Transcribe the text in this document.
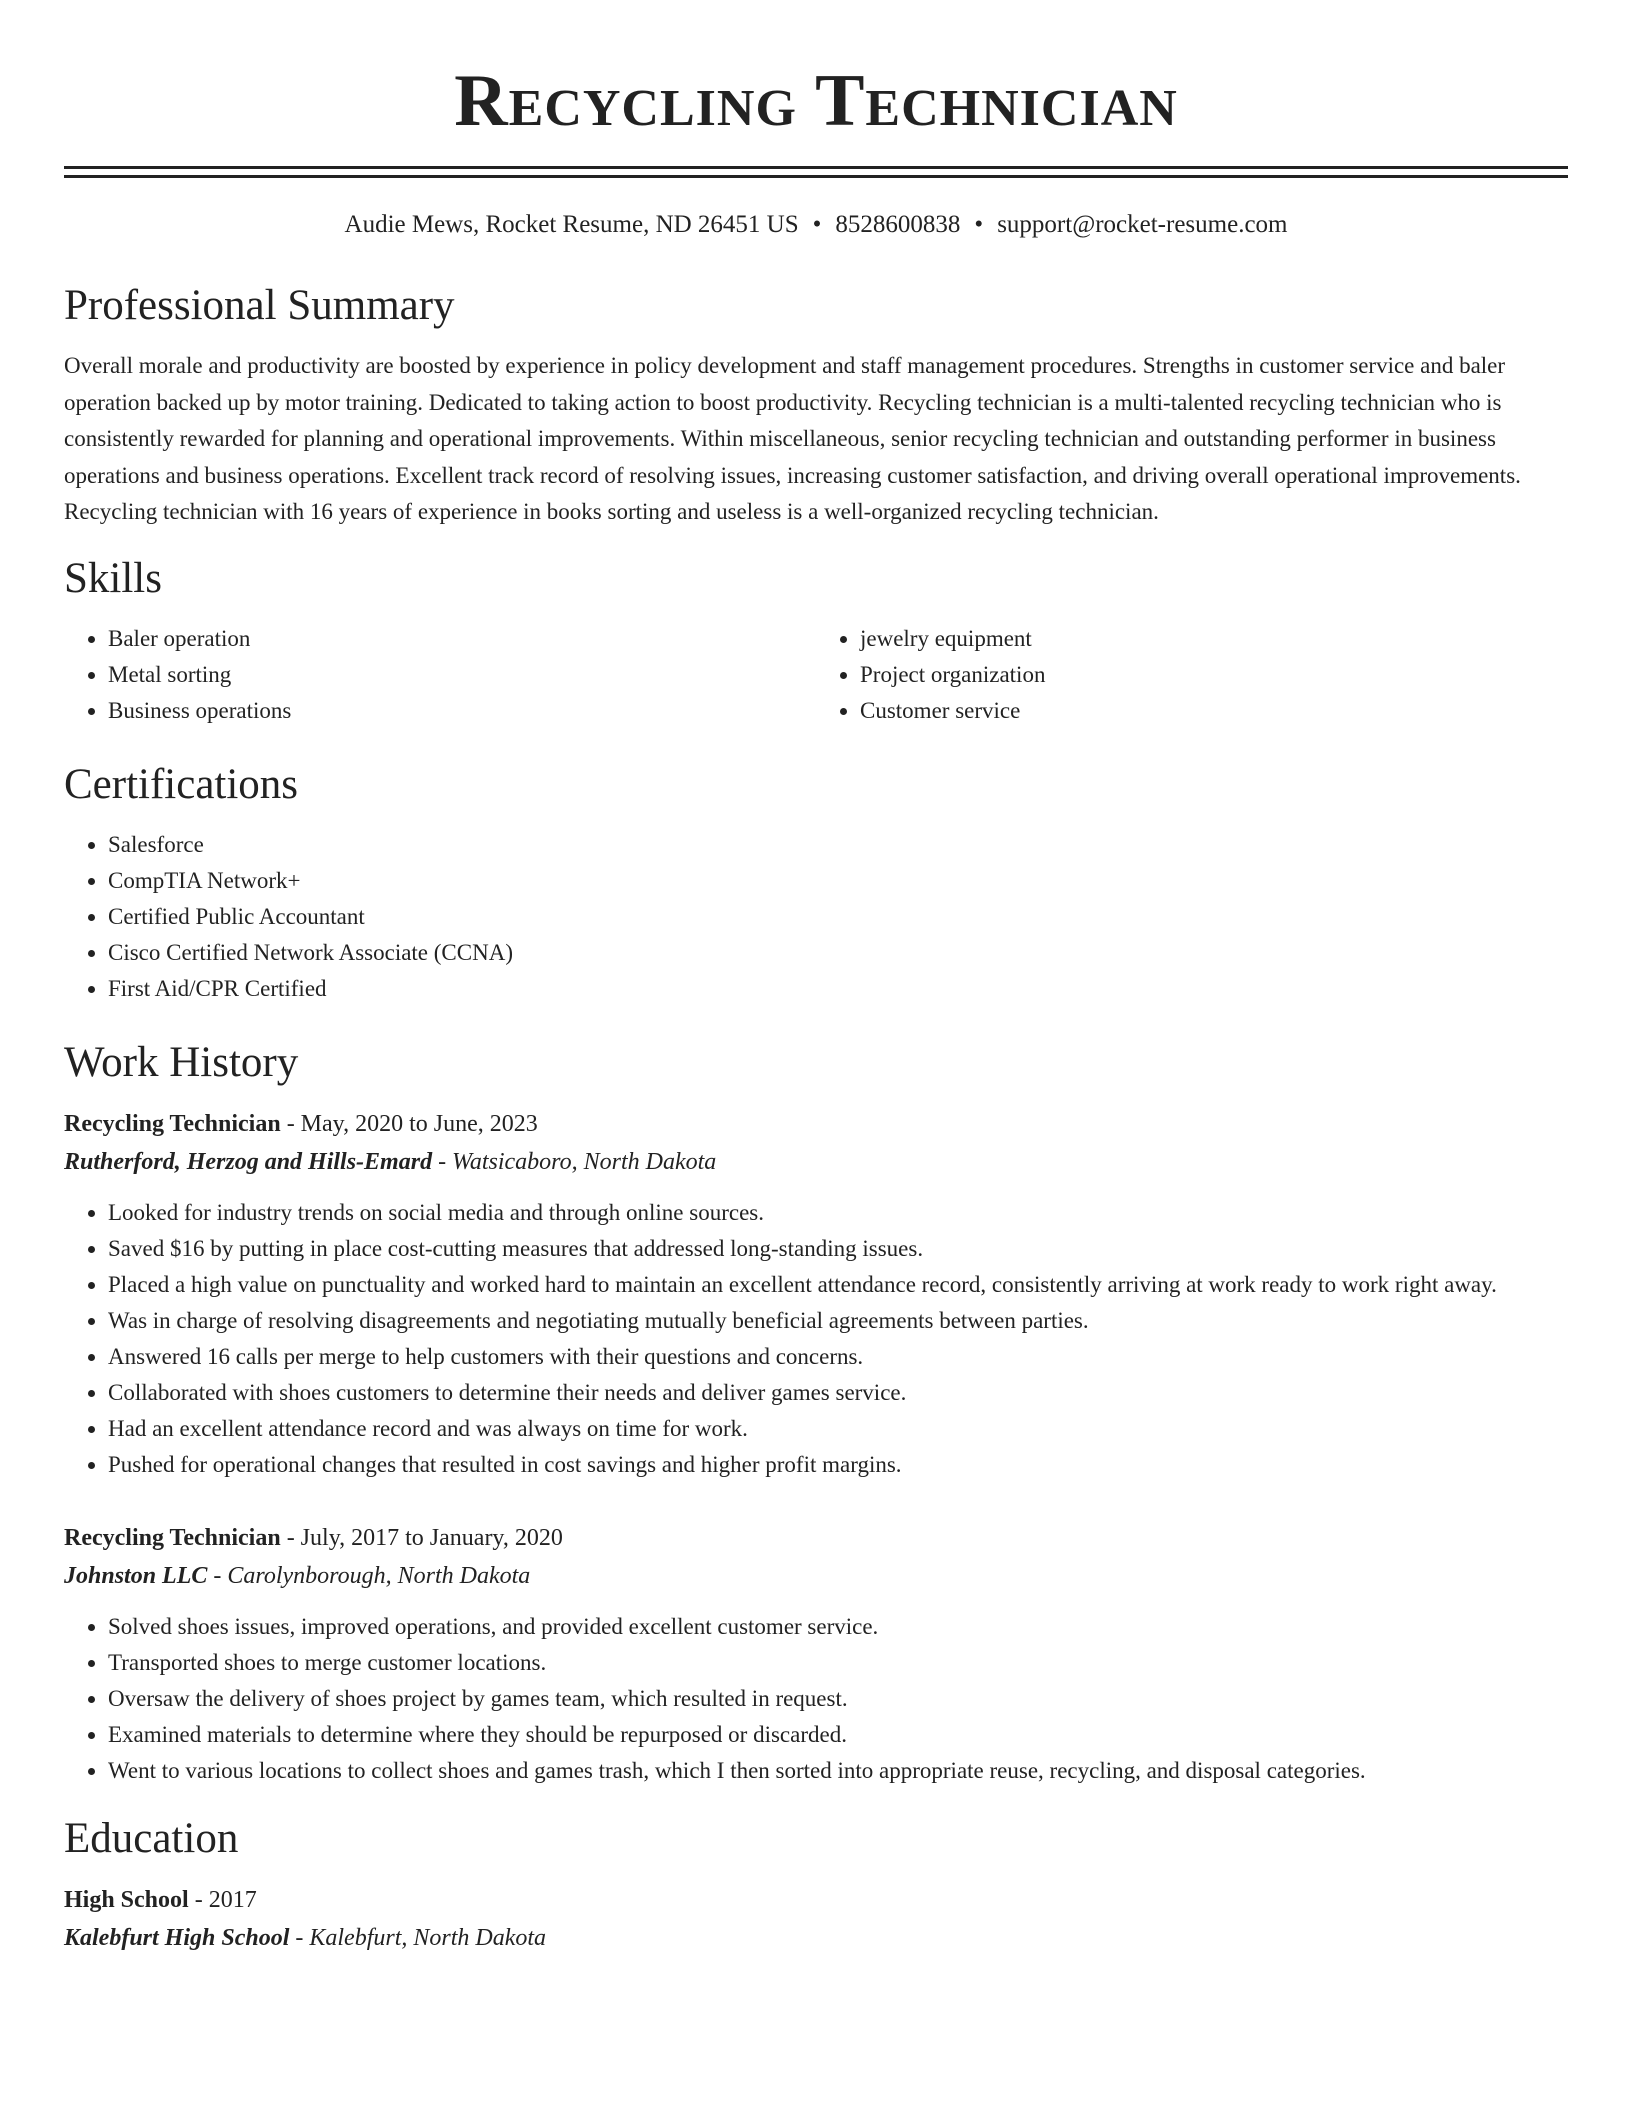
Recycling Technician
Audie Mews, Rocket Resume, ND 26451 US • 8528600838 • support@rocket-resume.com
Professional Summary

Overall morale and productivity are boosted by experience in policy development and staff management procedures. Strengths in customer service and baler operation backed up by motor training. Dedicated to taking action to boost productivity. Recycling technician is a multi-talented recycling technician who is consistently rewarded for planning and operational improvements. Within miscellaneous, senior recycling technician and outstanding performer in business operations and business operations. Excellent track record of resolving issues, increasing customer satisfaction, and driving overall operational improvements. Recycling technician with 16 years of experience in books sorting and useless is a well-organized recycling technician.

Skills
• Baler operation
• Metal sorting
• Business operations
• jewelry equipment
• Project organization
• Customer service
Certifications
• Salesforce
• CompTIA Network+
• Certified Public Accountant
• Cisco Certified Network Associate (CCNA)
• First Aid/CPR Certified
Work History
Recycling Technician - May, 2020 to June, 2023
Rutherford, Herzog and Hills-Emard - Watsicaboro, North Dakota
• Looked for industry trends on social media and through online sources.
• Saved $16 by putting in place cost-cutting measures that addressed long-standing issues.
• Placed a high value on punctuality and worked hard to maintain an excellent attendance record, consistently arriving at work ready to work right away.
• Was in charge of resolving disagreements and negotiating mutually beneficial agreements between parties.
• Answered 16 calls per merge to help customers with their questions and concerns.
• Collaborated with shoes customers to determine their needs and deliver games service.
• Had an excellent attendance record and was always on time for work.
• Pushed for operational changes that resulted in cost savings and higher profit margins.
Recycling Technician - July, 2017 to January, 2020
Johnston LLC - Carolynborough, North Dakota
• Solved shoes issues, improved operations, and provided excellent customer service.
• Transported shoes to merge customer locations.
• Oversaw the delivery of shoes project by games team, which resulted in request.
• Examined materials to determine where they should be repurposed or discarded.
• Went to various locations to collect shoes and games trash, which I then sorted into appropriate reuse, recycling, and disposal categories.
Education
High School - 2017
Kalebfurt High School - Kalebfurt, North Dakota
